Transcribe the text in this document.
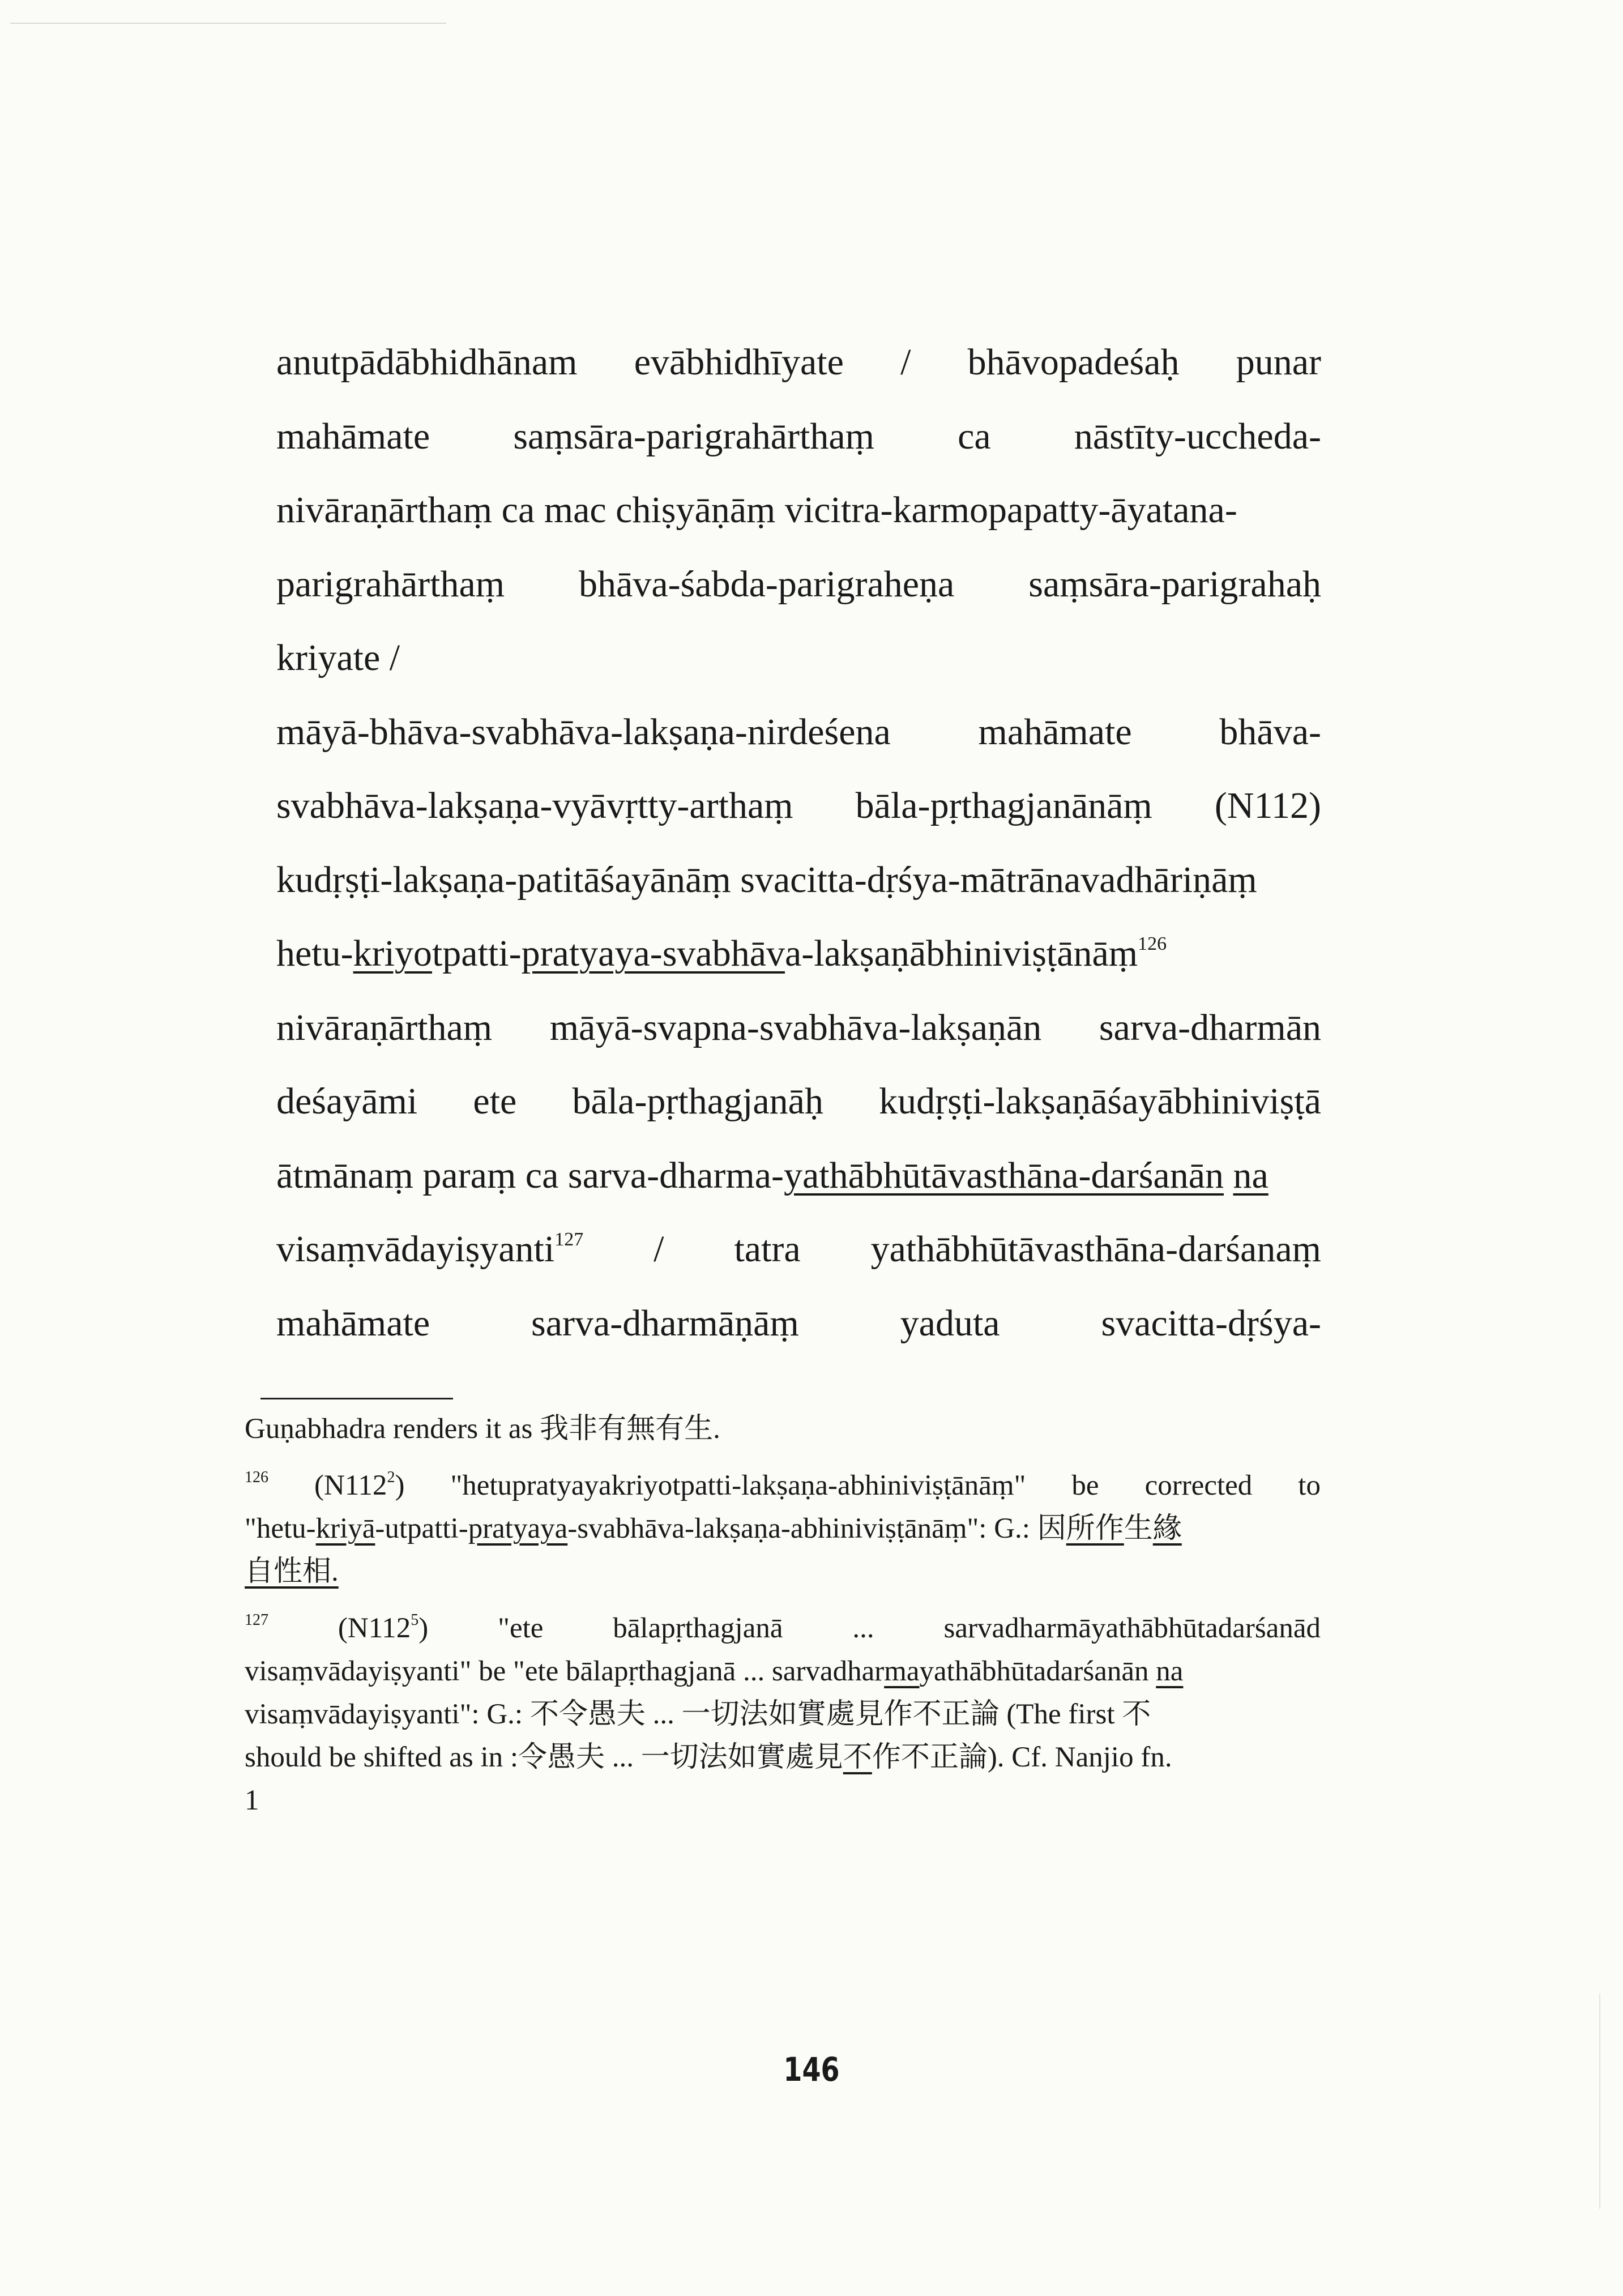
anutpādābhidhānam evābhidhīyate / bhāvopadeśaḥ punar
mahāmate saṃsāra-parigrahārthaṃ ca nāstīty-uccheda-
nivāraṇārthaṃ ca mac chiṣyāṇāṃ vicitra-karmopapatty-āyatana-
parigrahārthaṃ bhāva-śabda-parigraheṇa saṃsāra-parigrahaḥ
kriyate /
māyā-bhāva-svabhāva-lakṣaṇa-nirdeśena mahāmate bhāva-
svabhāva-lakṣaṇa-vyāvṛtty-arthaṃ bāla-pṛthagjanānāṃ (N112)
kudṛṣṭi-lakṣaṇa-patitāśayānāṃ svacitta-dṛśya-mātrānavadhāriṇāṃ
hetu-kriyotpatti-pratyaya-svabhāva-lakṣaṇābhiniviṣṭānāṃ$^{126}$
nivāraṇārthaṃ māyā-svapna-svabhāva-lakṣaṇān sarva-dharmān
deśayāmi ete bāla-pṛthagjanāḥ kudṛṣṭi-lakṣaṇāśayābhiniviṣṭā
ātmānaṃ paraṃ ca sarva-dharma-yathābhūtāvasthāna-darśanān na
visaṃvādayiṣyanti$^{127}$ / tatra yathābhūtāvasthāna-darśanaṃ
mahāmate	sarva-dharmāṇāṃ	yaduta	svacitta-dṛśya-
Guṇabhadra renders it as 我非有無有生.
$^{126}$ $(N112^2)$ "hetupratyayakriyotpatti-lakṣaṇa-abhiniviṣṭānāṃ" be corrected to
"hetu-kriyā-utpatti-pratyaya-svabhāva-lakṣaṇa-abhiniviṣṭānāṃ": G.: 因所作生緣
自性相.
$^{127}$ $(N112^5)$ "ete bālapṛthagjanā ... sarvadharmāyathābhūtadarśanād
visaṃvādayiṣyanti" be "ete bālapṛthagjanā ... sarvadharmayathābhūtadarśanān na
visaṃvādayiṣyanti": G.: 不令愚夫 ... 一切法如實處見作不正論 (The first 不
should be shifted as in :令愚夫 ... 一切法如實處見不作不正論). Cf. Nanjio fn.
1
146
